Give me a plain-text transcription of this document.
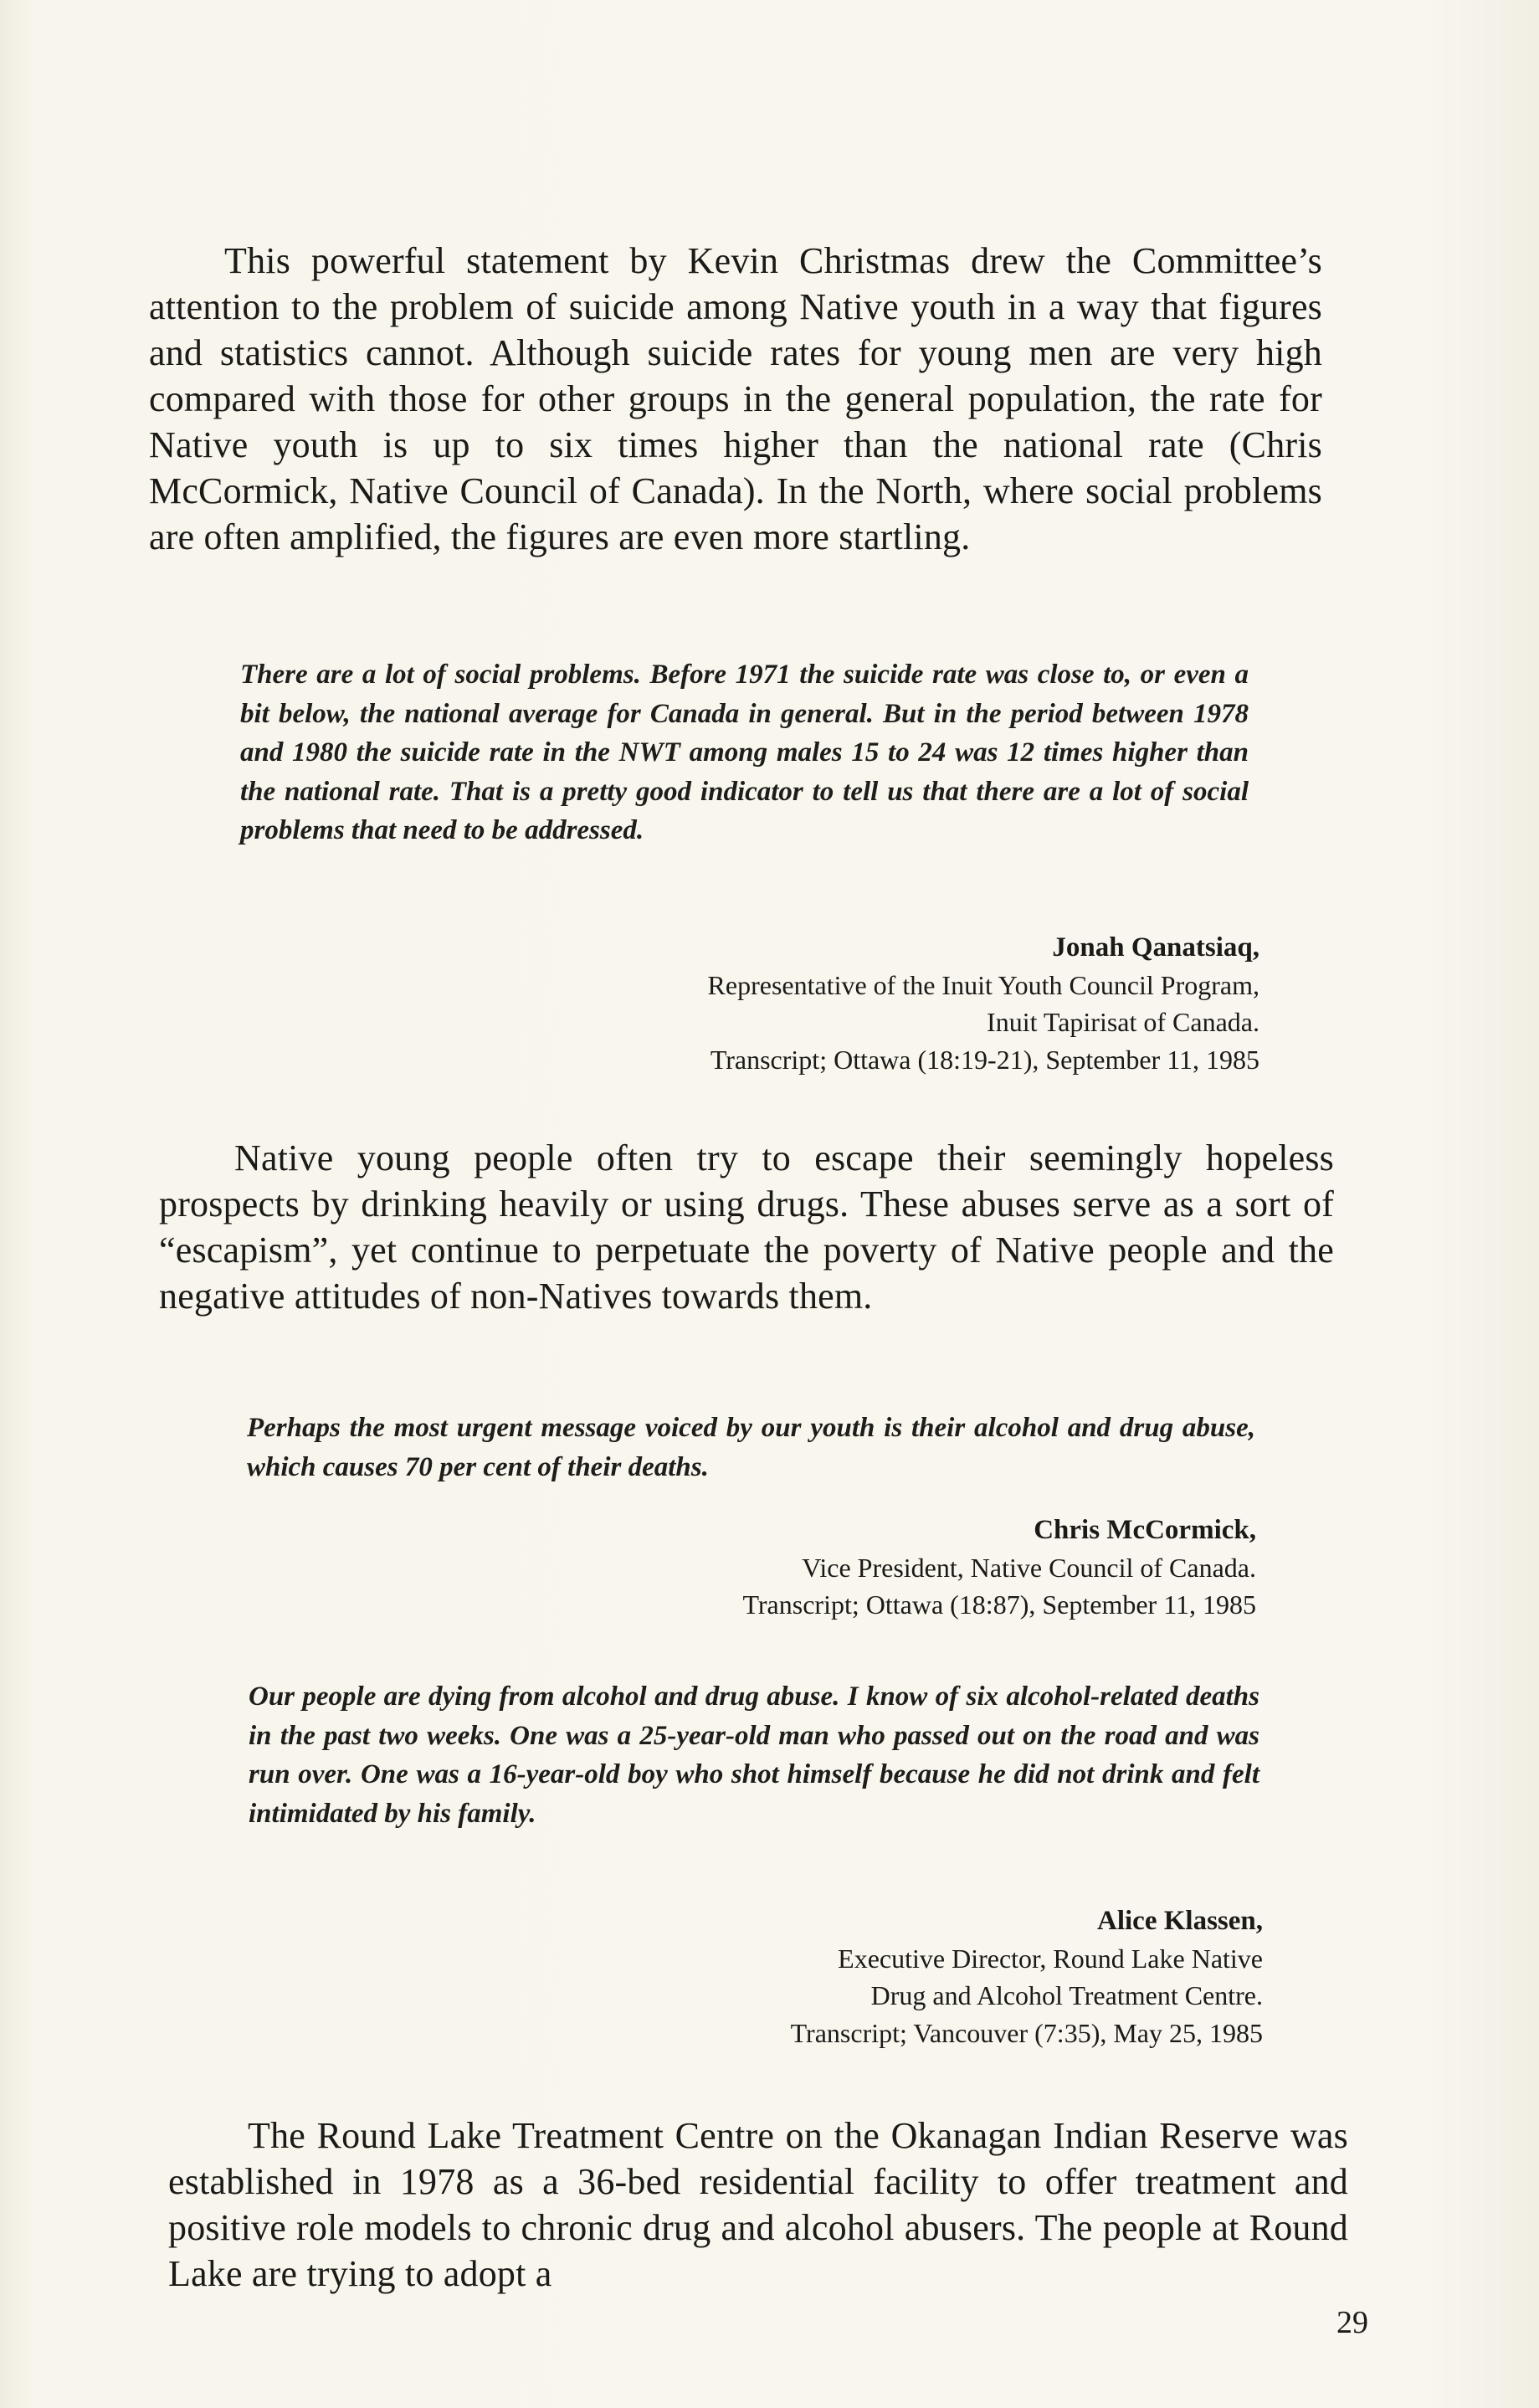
This powerful statement by Kevin Christmas drew the Committee’s attention to the problem of suicide among Native youth in a way that figures and statistics cannot. Although suicide rates for young men are very high compared with those for other groups in the general population, the rate for Native youth is up to six times higher than the national rate (Chris McCormick, Native Council of Canada). In the North, where social problems are often amplified, the figures are even more startling.

There are a lot of social problems. Before 1971 the suicide rate was close to, or even a bit below, the national average for Canada in general. But in the period between 1978 and 1980 the suicide rate in the NWT among males 15 to 24 was 12 times higher than the national rate. That is a pretty good indicator to tell us that there are a lot of social problems that need to be addressed.

Jonah Qanatsiaq,
Representative of the Inuit Youth Council Program,
Inuit Tapirisat of Canada.
Transcript; Ottawa (18:19-21), September 11, 1985

Native young people often try to escape their seemingly hopeless prospects by drinking heavily or using drugs. These abuses serve as a sort of “escapism”, yet continue to perpetuate the poverty of Native people and the negative attitudes of non-Natives towards them.

Perhaps the most urgent message voiced by our youth is their alcohol and drug abuse, which causes 70 per cent of their deaths.

Chris McCormick,
Vice President, Native Council of Canada.
Transcript; Ottawa (18:87), September 11, 1985

Our people are dying from alcohol and drug abuse. I know of six alcohol-related deaths in the past two weeks. One was a 25-year-old man who passed out on the road and was run over. One was a 16-year-old boy who shot himself because he did not drink and felt intimidated by his family.

Alice Klassen,
Executive Director, Round Lake Native
Drug and Alcohol Treatment Centre.
Transcript; Vancouver (7:35), May 25, 1985

The Round Lake Treatment Centre on the Okanagan Indian Reserve was established in 1978 as a 36-bed residential facility to offer treatment and positive role models to chronic drug and alcohol abusers. The people at Round Lake are trying to adopt a

29
